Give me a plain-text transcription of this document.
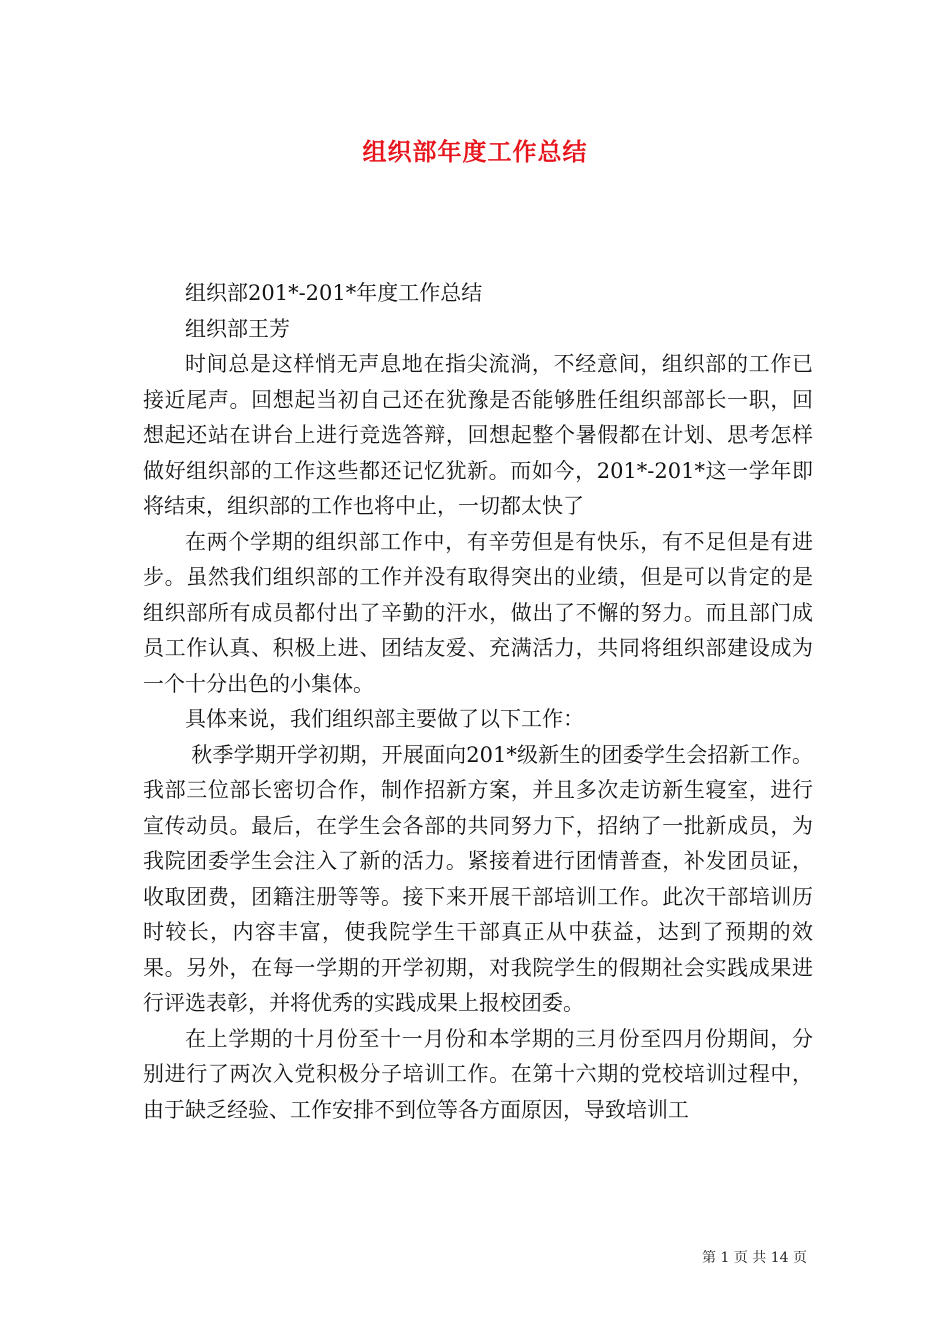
组织部年度工作总结

组织部201*-201*年度工作总结

组织部王芳

时间总是这样悄无声息地在指尖流淌，不经意间，组织部的工作已接近尾声。回想起当初自己还在犹豫是否能够胜任组织部部长一职，回想起还站在讲台上进行竞选答辩，回想起整个暑假都在计划、思考怎样做好组织部的工作这些都还记忆犹新。而如今，201*-201*这一学年即将结束，组织部的工作也将中止，一切都太快了

在两个学期的组织部工作中，有辛劳但是有快乐，有不足但是有进步。虽然我们组织部的工作并没有取得突出的业绩，但是可以肯定的是组织部所有成员都付出了辛勤的汗水，做出了不懈的努力。而且部门成员工作认真、积极上进、团结友爱、充满活力，共同将组织部建设成为一个十分出色的小集体。

具体来说，我们组织部主要做了以下工作：

秋季学期开学初期，开展面向201*级新生的团委学生会招新工作。我部三位部长密切合作，制作招新方案，并且多次走访新生寝室，进行宣传动员。最后，在学生会各部的共同努力下，招纳了一批新成员，为我院团委学生会注入了新的活力。紧接着进行团情普查，补发团员证，收取团费，团籍注册等等。接下来开展干部培训工作。此次干部培训历时较长，内容丰富，使我院学生干部真正从中获益，达到了预期的效果。另外，在每一学期的开学初期，对我院学生的假期社会实践成果进行评选表彰，并将优秀的实践成果上报校团委。

在上学期的十月份至十一月份和本学期的三月份至四月份期间，分别进行了两次入党积极分子培训工作。在第十六期的党校培训过程中，由于缺乏经验、工作安排不到位等各方面原因，导致培训工

第 1 页 共 14 页
